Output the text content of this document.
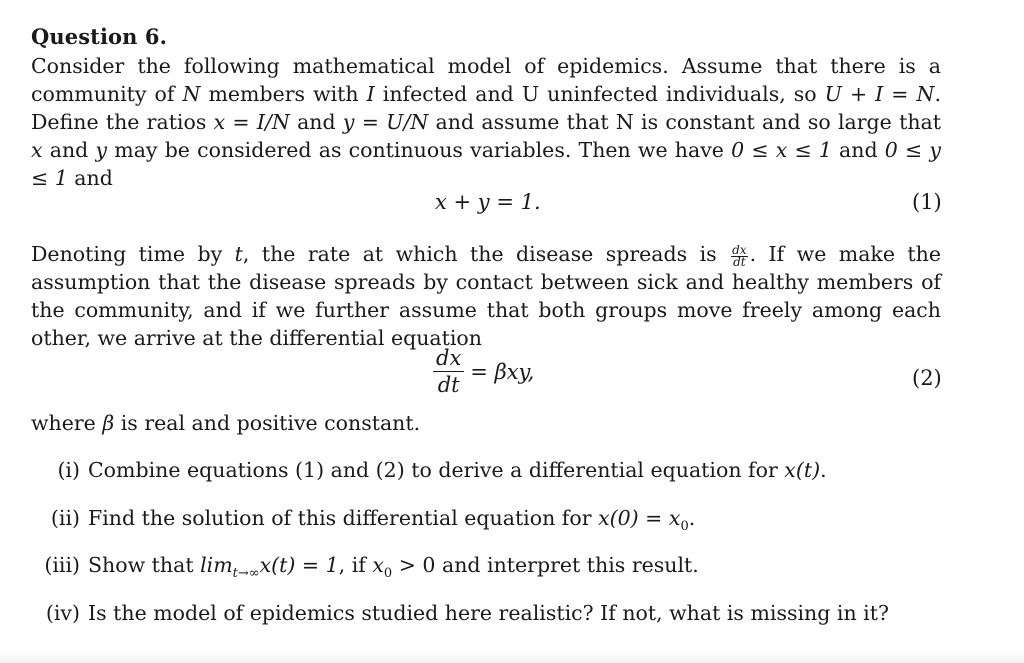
Question 6.
Consider the following mathematical model of epidemics. Assume that there is a community of N members with I infected and U uninfected individuals, so U + I = N. Define the ratios x = I/N and y = U/N and assume that N is constant and so large that x and y may be considered as continuous variables. Then we have 0 ≤ x ≤ 1 and 0 ≤ y ≤ 1 and
x + y = 1.	(1)
Denoting time by t, the rate at which the disease spreads is $\frac{dx}{dt}$ . If we make the assumption that the disease spreads by contact between sick and healthy members of the community, and if we further assume that both groups move freely among each other, we arrive at the differential equation
$\frac{dx}{dt} = \beta xy$,	(2)
where β is real and positive constant.
(i) Combine equations (1) and (2) to derive a differential equation for x(t).
(ii) Find the solution of this differential equation for $x(0) = x_0$.
(iii) Show that $\lim_{t\to\infty}x(t) = 1$, if $x_0 > 0$ and interpret this result.
(iv) Is the model of epidemics studied here realistic? If not, what is missing in it?
